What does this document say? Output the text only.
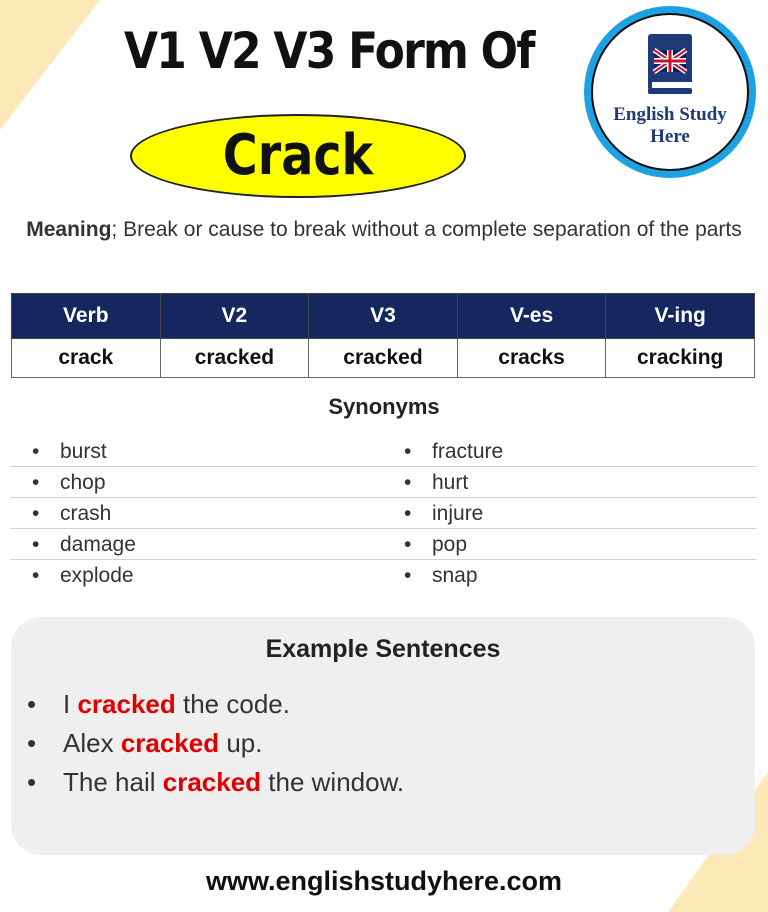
V1 V2 V3 Form Of
Crack
English Study
Here
Meaning; Break or cause to break without a complete separation of the parts
Verb	V2	V3	V-es	V-ing
crack	cracked	cracked	cracks	cracking
Synonyms
• burst
• chop
• crash
• damage
• explode
• fracture
• hurt
• injure
• pop
• snap
Example Sentences
• I cracked the code.
• Alex cracked up.
• The hail cracked the window.
www.englishstudyhere.com
